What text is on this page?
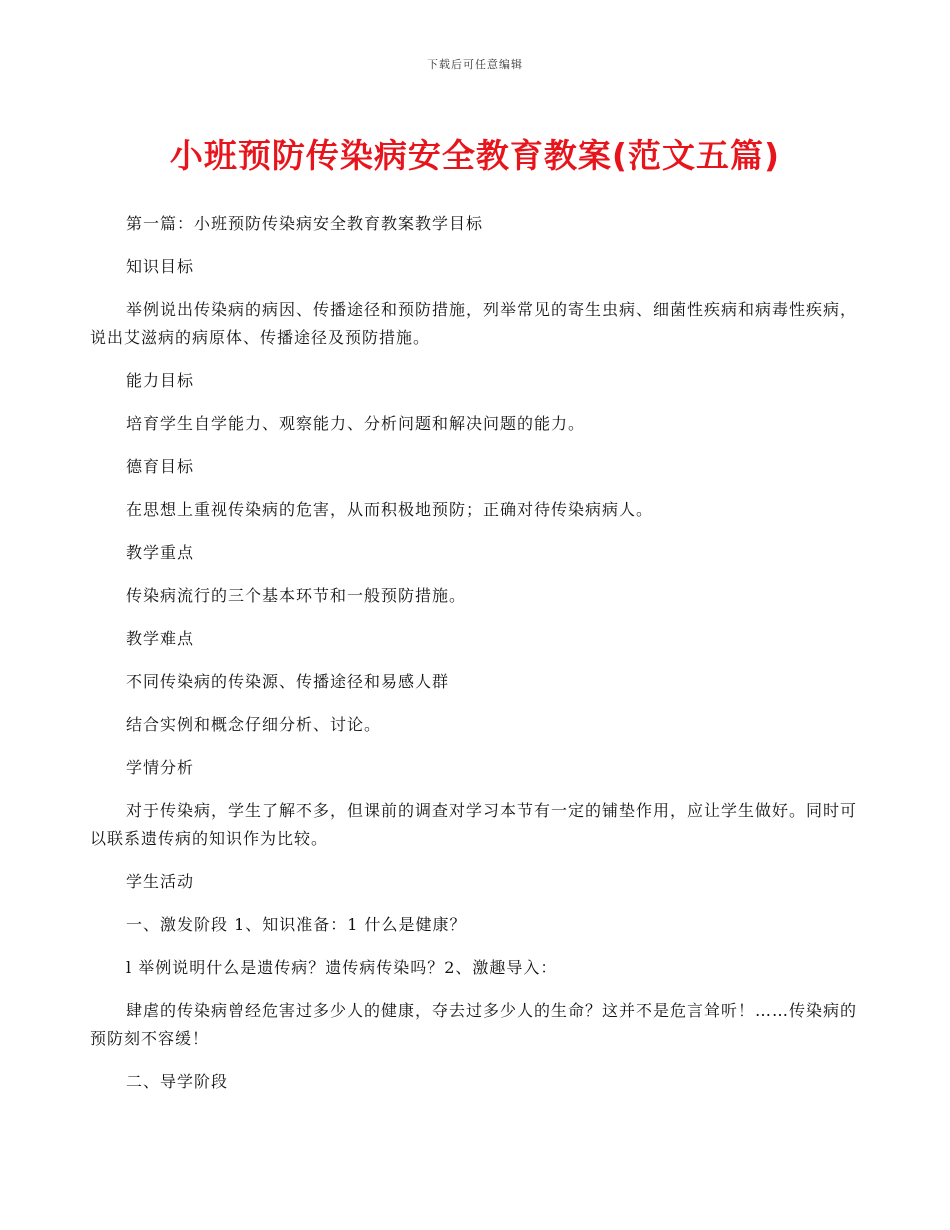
下载后可任意编辑
小班预防传染病安全教育教案(范文五篇)

第一篇：小班预防传染病安全教育教案教学目标

知识目标

举例说出传染病的病因、传播途径和预防措施，列举常见的寄生虫病、细菌性疾病和病毒性疾病，说出艾滋病的病原体、传播途径及预防措施。

能力目标

培育学生自学能力、观察能力、分析问题和解决问题的能力。

德育目标

在思想上重视传染病的危害，从而积极地预防；正确对待传染病病人。

教学重点

传染病流行的三个基本环节和一般预防措施。

教学难点

不同传染病的传染源、传播途径和易感人群

结合实例和概念仔细分析、讨论。

学情分析

对于传染病，学生了解不多，但课前的调查对学习本节有一定的铺垫作用，应让学生做好。同时可以联系遗传病的知识作为比较。

学生活动

一、激发阶段 1、知识准备：1 什么是健康？

l 举例说明什么是遗传病？遗传病传染吗？2、激趣导入：

肆虐的传染病曾经危害过多少人的健康，夺去过多少人的生命？这并不是危言耸听！……传染病的预防刻不容缓！

二、导学阶段
